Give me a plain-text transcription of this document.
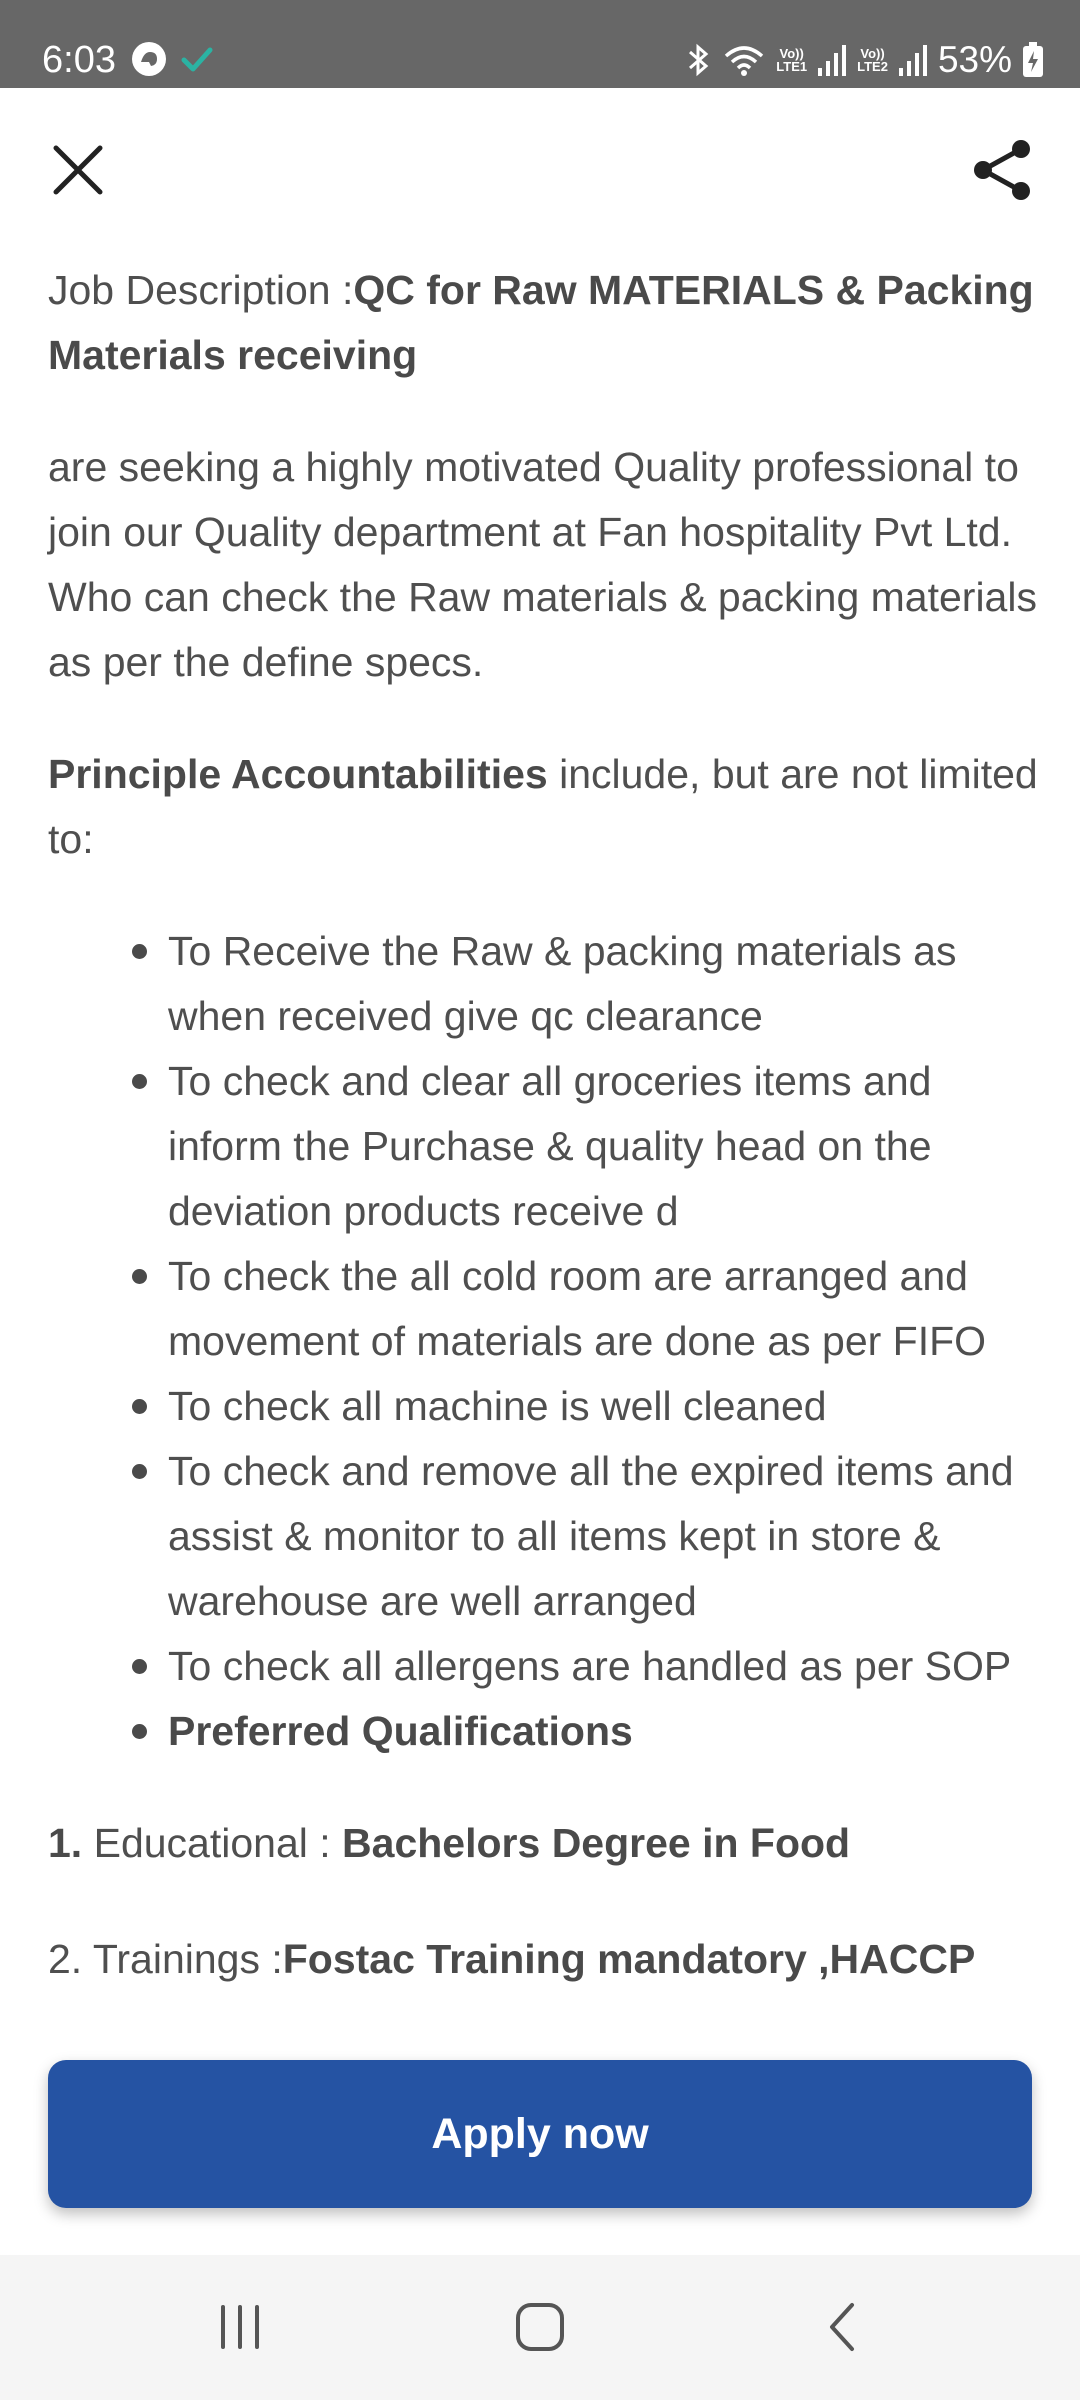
6:03	Vo))
LTE1
Vo))
LTE2 53%

Job Description :QC for Raw MATERIALS & Packing Materials receiving

are seeking a highly motivated Quality professional to join our Quality department at Fan hospitality Pvt Ltd. Who can check the Raw materials & packing materials as per the define specs.

Principle Accountabilities include, but are not limited to:

To Receive the Raw & packing materials as when received give qc clearance
To check and clear all groceries items and inform the Purchase & quality head on the deviation products receive d
To check the all cold room are arranged and movement of materials are done as per FIFO
To check all machine is well cleaned
To check and remove all the expired items and assist & monitor to all items kept in store & warehouse are well arranged
To check all allergens are handled as per SOP
Preferred Qualifications

1. Educational : Bachelors Degree in Food

2. Trainings :Fostac Training mandatory ,HACCP

Apply now
